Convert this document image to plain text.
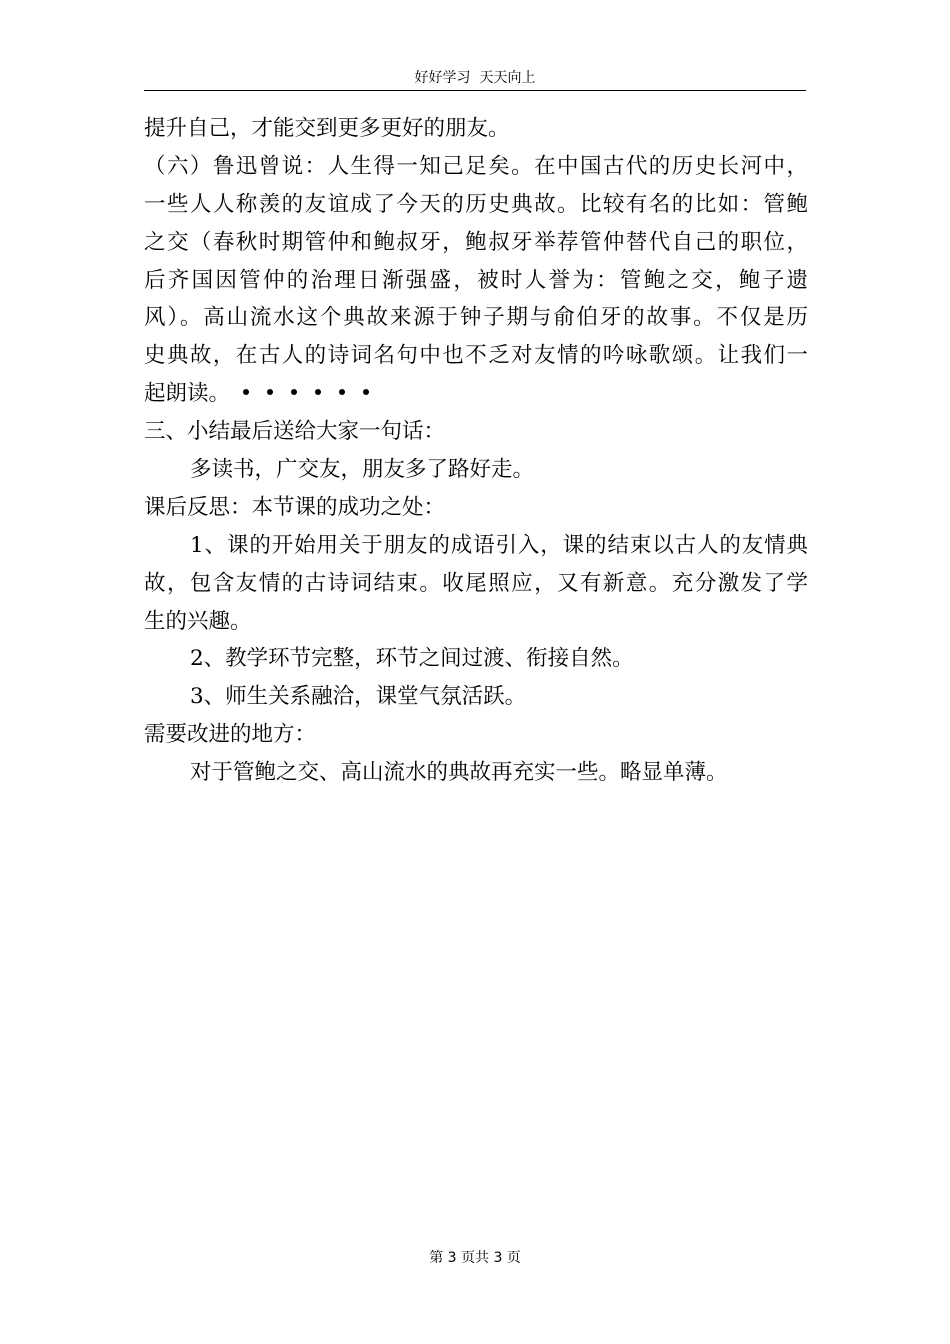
好好学习  天天向上
提升自己，才能交到更多更好的朋友。
（六）鲁迅曾说：人生得一知己足矣。在中国古代的历史长河中，
一些人人称羡的友谊成了今天的历史典故。比较有名的比如：管鲍
之交（春秋时期管仲和鲍叔牙，鲍叔牙举荐管仲替代自己的职位，
后齐国因管仲的治理日渐强盛，被时人誉为：管鲍之交，鲍子遗
风）。高山流水这个典故来源于钟子期与俞伯牙的故事。不仅是历
史典故，在古人的诗词名句中也不乏对友情的吟咏歌颂。让我们一
起朗读。
三、小结最后送给大家一句话：
多读书，广交友，朋友多了路好走。
课后反思：本节课的成功之处：
1、课的开始用关于朋友的成语引入，课的结束以古人的友情典
故，包含友情的古诗词结束。收尾照应，又有新意。充分激发了学
生的兴趣。
2、教学环节完整，环节之间过渡、衔接自然。
3、师生关系融洽，课堂气氛活跃。
需要改进的地方：
对于管鲍之交、高山流水的典故再充实一些。略显单薄。
第 3 页共 3 页
